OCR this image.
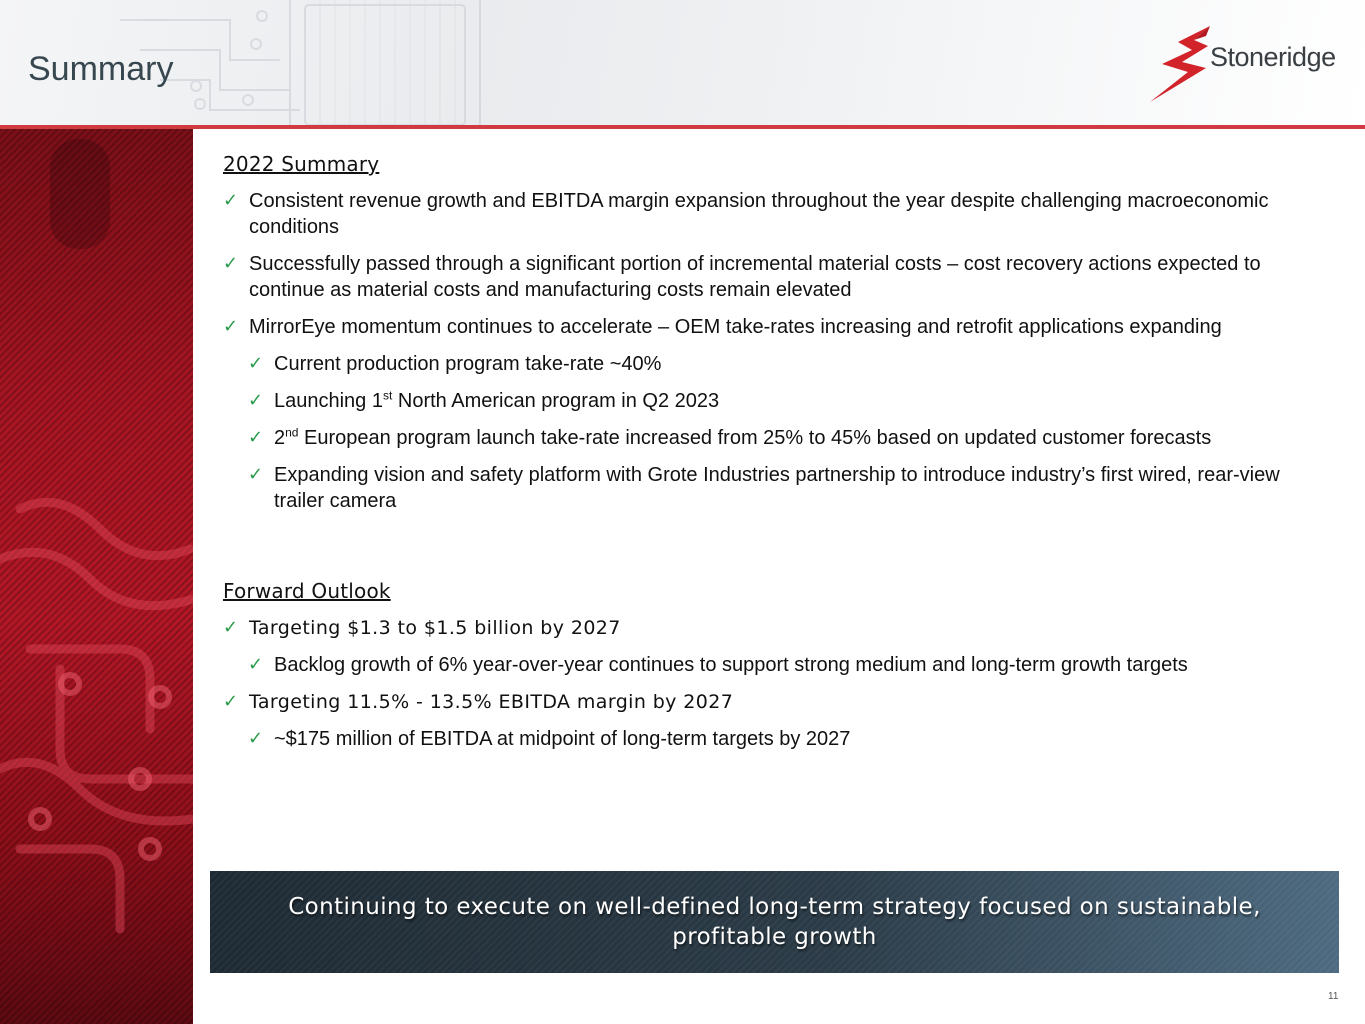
Summary	Stoneridge
2022 Summary
✓ Consistent revenue growth and EBITDA margin expansion throughout the year despite challenging macroeconomic conditions
✓ Successfully passed through a significant portion of incremental material costs – cost recovery actions expected to continue as material costs and manufacturing costs remain elevated
✓ MirrorEye momentum continues to accelerate – OEM take-rates increasing and retrofit applications expanding
✓ Current production program take-rate ~40%
✓ Launching 1st North American program in Q2 2023
✓ 2nd European program launch take-rate increased from 25% to 45% based on updated customer forecasts
✓ Expanding vision and safety platform with Grote Industries partnership to introduce industry’s first wired, rear-view trailer camera
Forward Outlook
✓ Targeting $1.3 to $1.5 billion by 2027
✓ Backlog growth of 6% year-over-year continues to support strong medium and long-term growth targets
✓ Targeting 11.5% - 13.5% EBITDA margin by 2027
✓ ~$175 million of EBITDA at midpoint of long-term targets by 2027
Continuing to execute on well-defined long-term strategy focused on sustainable, profitable growth
11
